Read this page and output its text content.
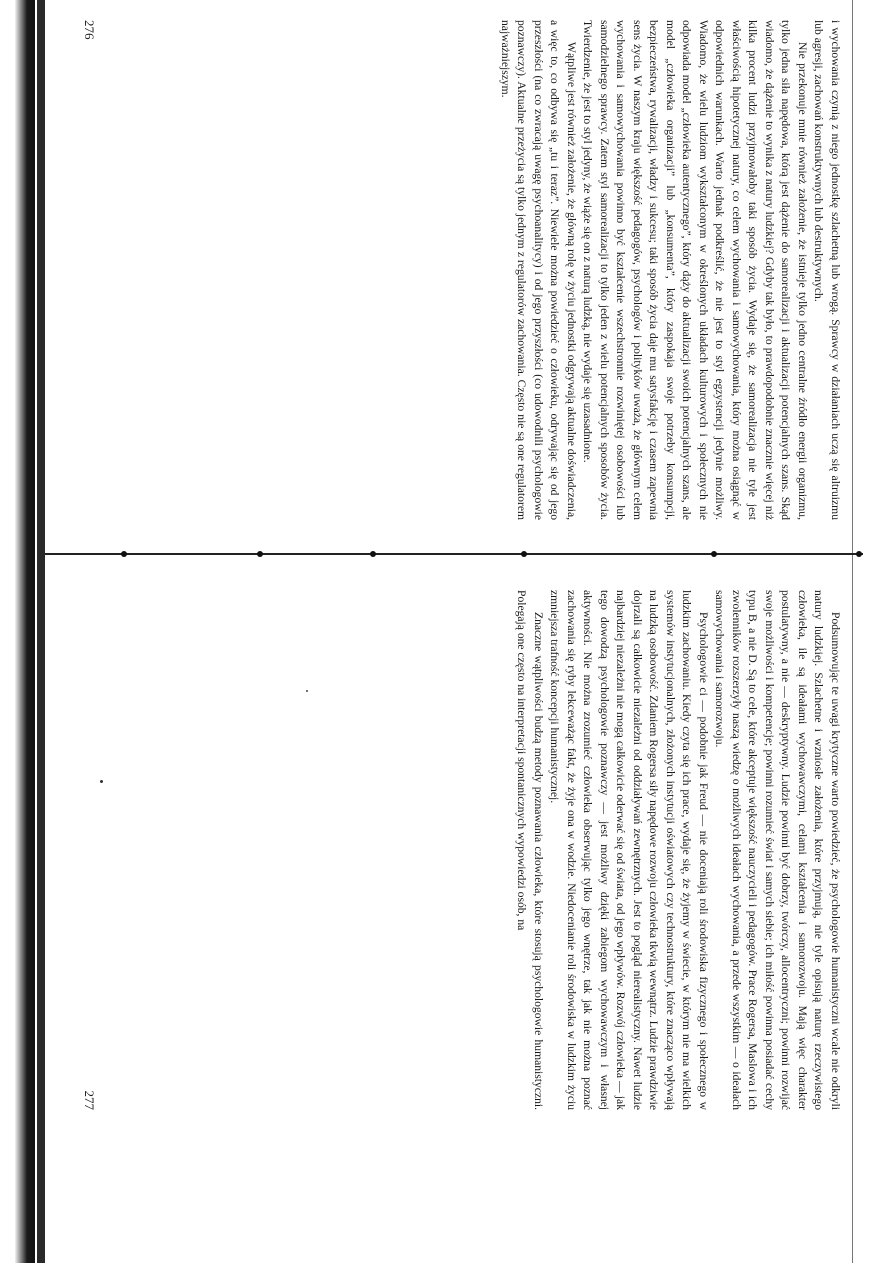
i wychowania czynią z niego jednostkę szlachetną lub wrogą. Sprawcy w działaniach uczą się altruizmu lub agresji, zachowań konstruktywnych lub destruktywnych.

Nie przekonuje mnie również założenie, że istnieje tylko jedno centralne źródło energii organizmu, tylko jedna siła napędowa, którą jest dążenie do samorealizacji i aktualizacji potencjalnych szans. Skąd wiadomo, że dążenie to wynika z natury ludzkiej? Gdyby tak było, to prawdopodobnie znacznie więcej niż kilka procent ludzi przyjmowałoby taki sposób życia. Wydaje się, że samorealizacja nie tyle jest właściwością hipotetycznej natury, co celem wychowania i samowychowania, który można osiągnąć w odpowiednich warunkach. Warto jednak podkreślić, że nie jest to styl egzystencji jedynie możliwy. Wiadomo, że wielu ludziom wykształconym w określonych układach kulturowych i społecznych nie odpowiada model „człowieka autentycznego”, który dąży do aktualizacji swoich potencjalnych szans, ale model „człowieka organizacji” lub „konsumenta”, który zaspokaja swoje potrzeby konsumpcji, bezpieczeństwa, rywalizacji, władzy i sukcesu; taki sposób życia daje mu satysfakcję i czasem zapewnia sens życia. W naszym kraju większość pedagogów, psychologów i polityków uważa, że głównym celem wychowania i samowychowania powinno być kształcenie wszechstronnie rozwiniętej osobowości lub samodzielnego sprawcy. Zatem styl samorealizacji to tylko jeden z wielu potencjalnych sposobów życia. Twierdzenie, że jest to styl jedyny, że wiąże się on z naturą ludzką, nie wydaje się uzasadnione.

Wątpliwe jest również założenie, że główną rolę w życiu jednostki odgrywają aktualne doświadczenia, a więc to, co odbywa się „tu i teraz”. Niewiele można powiedzieć o człowieku, odrywając się od jego przeszłości (na co zwracają uwagę psychoanalitycy) i od jego przyszłości (co udowodnili psychologowie poznawczy). Aktualne przeżycia są tylko jednym z regulatorów zachowania. Często nie są one regulatorem najważniejszym.

276

Podsumowując te uwagi krytyczne warto powiedzieć, że psychologowie humanistyczni wcale nie odkryli natury ludzkiej. Szlachetne i wzniosłe założenia, które przyjmują, nie tyle opisują naturę rzeczywistego człowieka, ile są ideałami wychowawczymi, celami kształcenia i samorozwoju. Mają więc charakter postulatywny, a nie — deskryptywny. Ludzie powinni być dobrzy, twórczy, allocentryczni; powinni rozwijać swoje możliwości i kompetencje; powinni rozumieć świat i samych siebie; ich miłość powinna posiadać cechy typu B, a nie D. Są to cele, które akceptuje większość nauczycieli i pedagogów. Prace Rogersa, Maslowa i ich zwolenników rozszerzyły naszą wiedzę o możliwych ideałach wychowania, a przede wszystkim — o ideałach samowychowania i samorozwoju.

Psychologowie ci — podobnie jak Freud — nie doceniają roli środowiska fizycznego i społecznego w ludzkim zachowaniu. Kiedy czyta się ich prace, wydaje się, że żyjemy w świecie, w którym nie ma wielkich systemów instytucjonalnych, złożonych instytucji oświatowych czy technostruktury, które znacząco wpływają na ludzką osobowość. Zdaniem Rogersa siły napędowe rozwoju człowieka tkwią wewnątrz. Ludzie prawdziwie dojrzali są całkowicie niezależni od oddziaływań zewnętrznych. Jest to pogląd nierealistyczny. Nawet ludzie najbardziej niezależni nie mogą całkowicie oderwać się od świata, od jego wpływów. Rozwój człowieka — jak tego dowodzą psychologowie poznawczy — jest możliwy dzięki zabiegom wychowawczym i własnej aktywności. Nie można zrozumieć człowieka obserwując tylko jego wnętrze, tak jak nie można poznać zachowania się ryby lekceważąc fakt, że żyje ona w wodzie. Niedocenianie roli środowiska w ludzkim życiu zmniejsza trafność koncepcji humanistycznej.

Znaczne wątpliwości budzą metody poznawania człowieka, które stosują psychologowie humanistyczni. Polegają one często na interpretacji spontanicznych wypowiedzi osób, na

277
